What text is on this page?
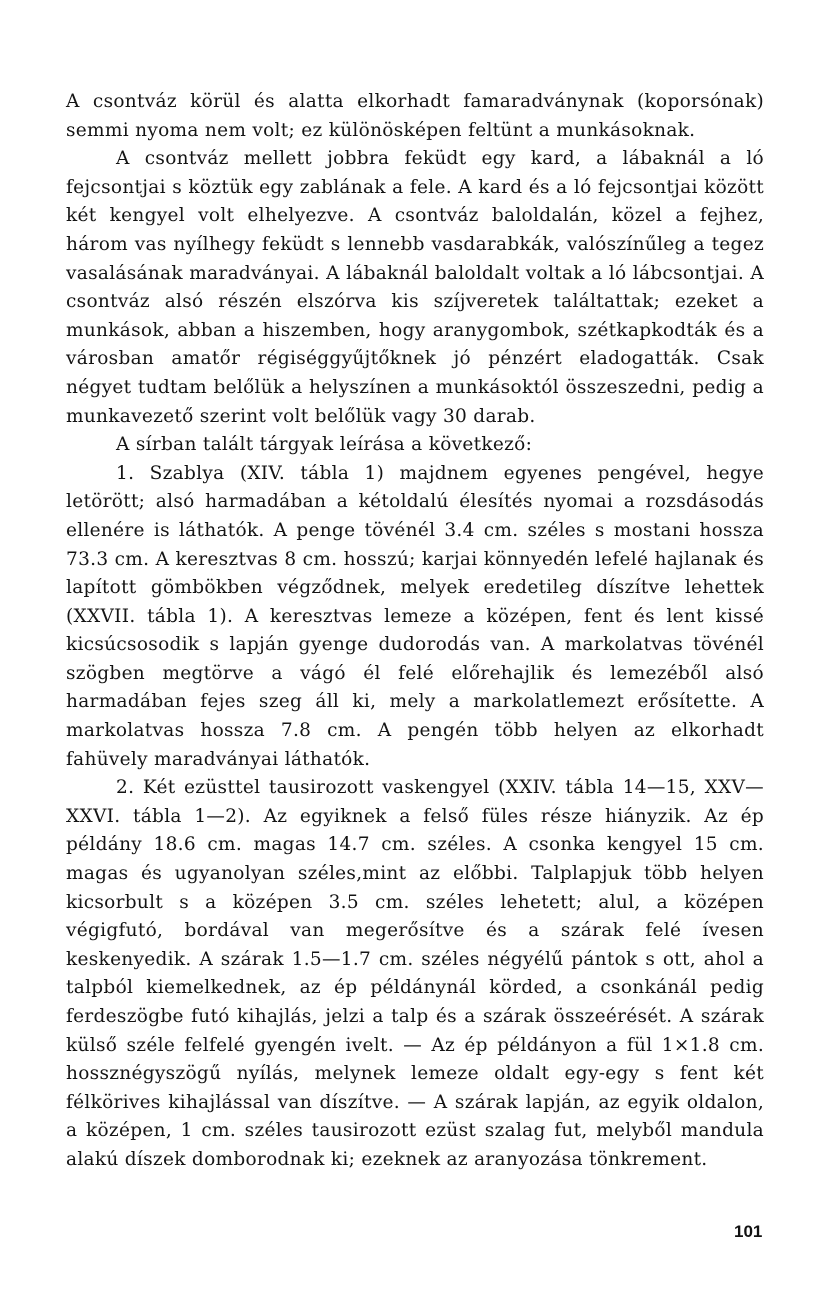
A csontváz körül és alatta elkorhadt famaradványnak (koporsónak) semmi nyoma nem volt; ez különösképen feltünt a munkásoknak.

A csontváz mellett jobbra feküdt egy kard, a lábaknál a ló fejcsontjai s köztük egy zablának a fele. A kard és a ló fejcsontjai között két kengyel volt elhelyezve. A csontváz baloldalán, közel a fejhez, három vas nyílhegy feküdt s lennebb vasdarabkák, valószínűleg a tegez vasalásának maradványai. A lábaknál baloldalt voltak a ló lábcsontjai. A csontváz alsó részén elszórva kis szíjveretek találtattak; ezeket a munkások, abban a hiszemben, hogy aranygombok, szétkapkodták és a városban amatőr régiséggyűjtőknek jó pénzért eladogatták. Csak négyet tudtam belőlük a helyszínen a munkásoktól összeszedni, pedig a munkavezető szerint volt belőlük vagy 30 darab.

A sírban talált tárgyak leírása a következő:

1. Szablya (XIV. tábla 1) majdnem egyenes pengével, hegye letörött; alsó harmadában a kétoldalú élesítés nyomai a rozsdásodás ellenére is láthatók. A penge tövénél 3.4 cm. széles s mostani hossza 73.3 cm. A keresztvas 8 cm. hosszú; karjai könnyedén lefelé hajlanak és lapított gömbökben végződnek, melyek eredetileg díszítve lehettek (XXVII. tábla 1). A keresztvas lemeze a középen, fent és lent kissé kicsúcsosodik s lapján gyenge dudorodás van. A markolatvas tövénél szögben megtörve a vágó él felé előrehajlik és lemezéből alsó harmadában fejes szeg áll ki, mely a markolatlemezt erősítette. A markolatvas hossza 7.8 cm. A pengén több helyen az elkorhadt fahüvely maradványai láthatók.

2. Két ezüsttel tausirozott vaskengyel (XXIV. tábla 14—15, XXV—XXVI. tábla 1—2). Az egyiknek a felső füles része hiányzik. Az ép példány 18.6 cm. magas 14.7 cm. széles. A csonka kengyel 15 cm. magas és ugyanolyan széles,mint az előbbi. Talplapjuk több helyen kicsorbult s a középen 3.5 cm. széles lehetett; alul, a középen végigfutó, bordával van megerősítve és a szárak felé ívesen keskenyedik. A szárak 1.5—1.7 cm. széles négyélű pántok s ott, ahol a talpból kiemelkednek, az ép példánynál körded, a csonkánál pedig ferdeszögbe futó kihajlás, jelzi a talp és a szárak összeérését. A szárak külső széle felfelé gyengén ivelt. — Az ép példányon a fül 1×1.8 cm. hossznégyszögű nyílás, melynek lemeze oldalt egy-egy s fent két félkörives kihajlással van díszítve. — A szárak lapján, az egyik oldalon, a középen, 1 cm. széles tausirozott ezüst szalag fut, melyből mandula alakú díszek domborodnak ki; ezeknek az aranyozása tönkrement.

101
